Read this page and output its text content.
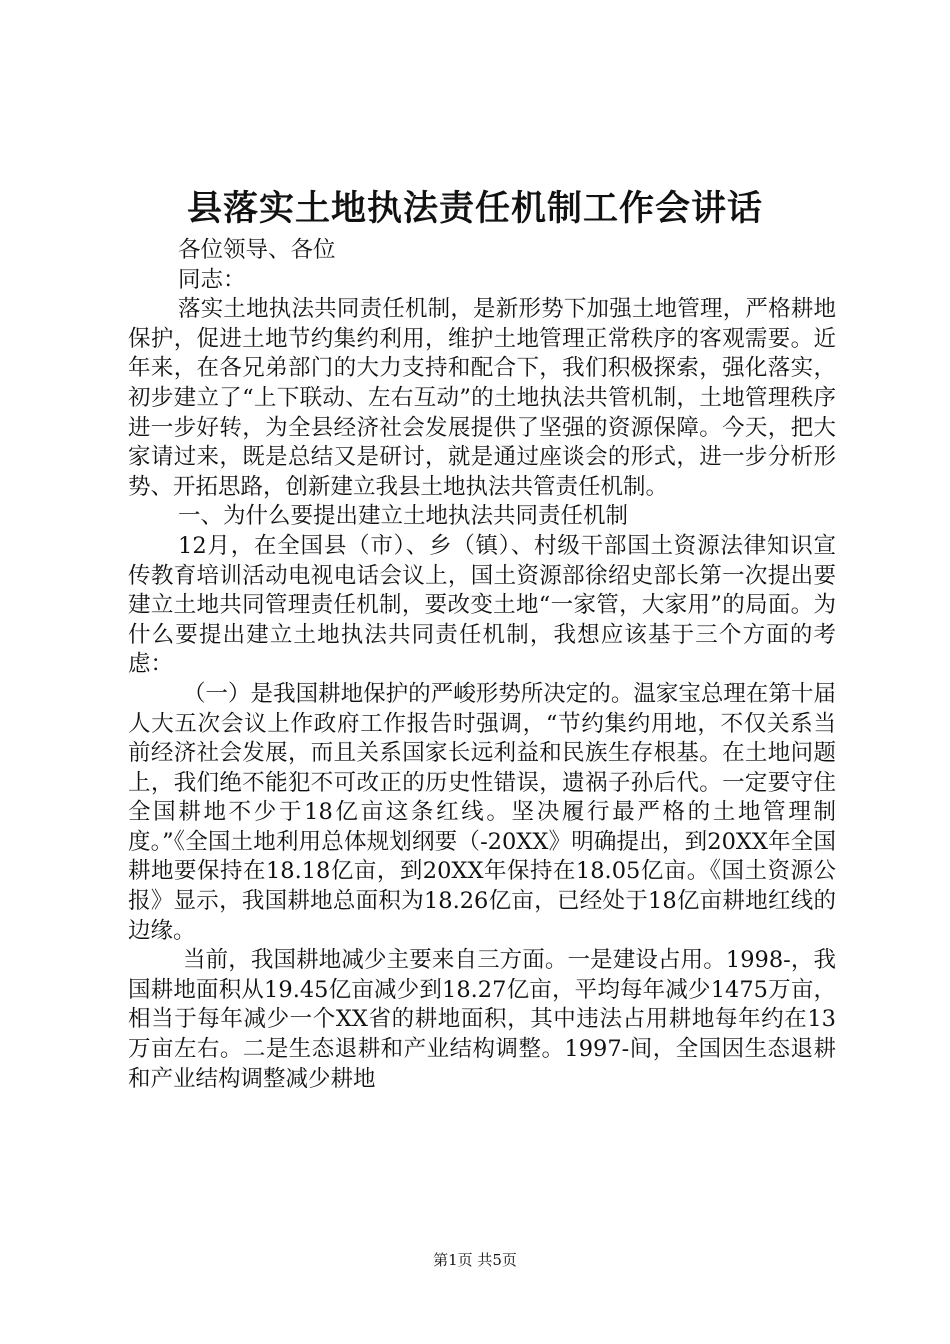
县落实土地执法责任机制工作会讲话

各位领导、各位

同志：

落实土地执法共同责任机制，是新形势下加强土地管理，严格耕地保护，促进土地节约集约利用，维护土地管理正常秩序的客观需要。近年来，在各兄弟部门的大力支持和配合下，我们积极探索，强化落实，初步建立了“上下联动、左右互动”的土地执法共管机制，土地管理秩序进一步好转，为全县经济社会发展提供了坚强的资源保障。今天，把大家请过来，既是总结又是研讨，就是通过座谈会的形式，进一步分析形势、开拓思路，创新建立我县土地执法共管责任机制。

一、为什么要提出建立土地执法共同责任机制

12月，在全国县（市）、乡（镇）、村级干部国土资源法律知识宣传教育培训活动电视电话会议上，国土资源部徐绍史部长第一次提出要建立土地共同管理责任机制，要改变土地“一家管，大家用”的局面。为什么要提出建立土地执法共同责任机制，我想应该基于三个方面的考虑：

（一）是我国耕地保护的严峻形势所决定的。温家宝总理在第十届人大五次会议上作政府工作报告时强调，“节约集约用地，不仅关系当前经济社会发展，而且关系国家长远利益和民族生存根基。在土地问题上，我们绝不能犯不可改正的历史性错误，遗祸子孙后代。一定要守住全国耕地不少于18亿亩这条红线。坚决履行最严格的土地管理制度。”《全国土地利用总体规划纲要（-20XX》明确提出，到20XX年全国耕地要保持在18.18亿亩，到20XX年保持在18.05亿亩。《国土资源公报》显示，我国耕地总面积为18.26亿亩，已经处于18亿亩耕地红线的边缘。

当前，我国耕地减少主要来自三方面。一是建设占用。1998-，我国耕地面积从19.45亿亩减少到18.27亿亩，平均每年减少1475万亩，相当于每年减少一个XX省的耕地面积，其中违法占用耕地每年约在13万亩左右。二是生态退耕和产业结构调整。1997-间，全国因生态退耕和产业结构调整减少耕地

第1页 共5页
